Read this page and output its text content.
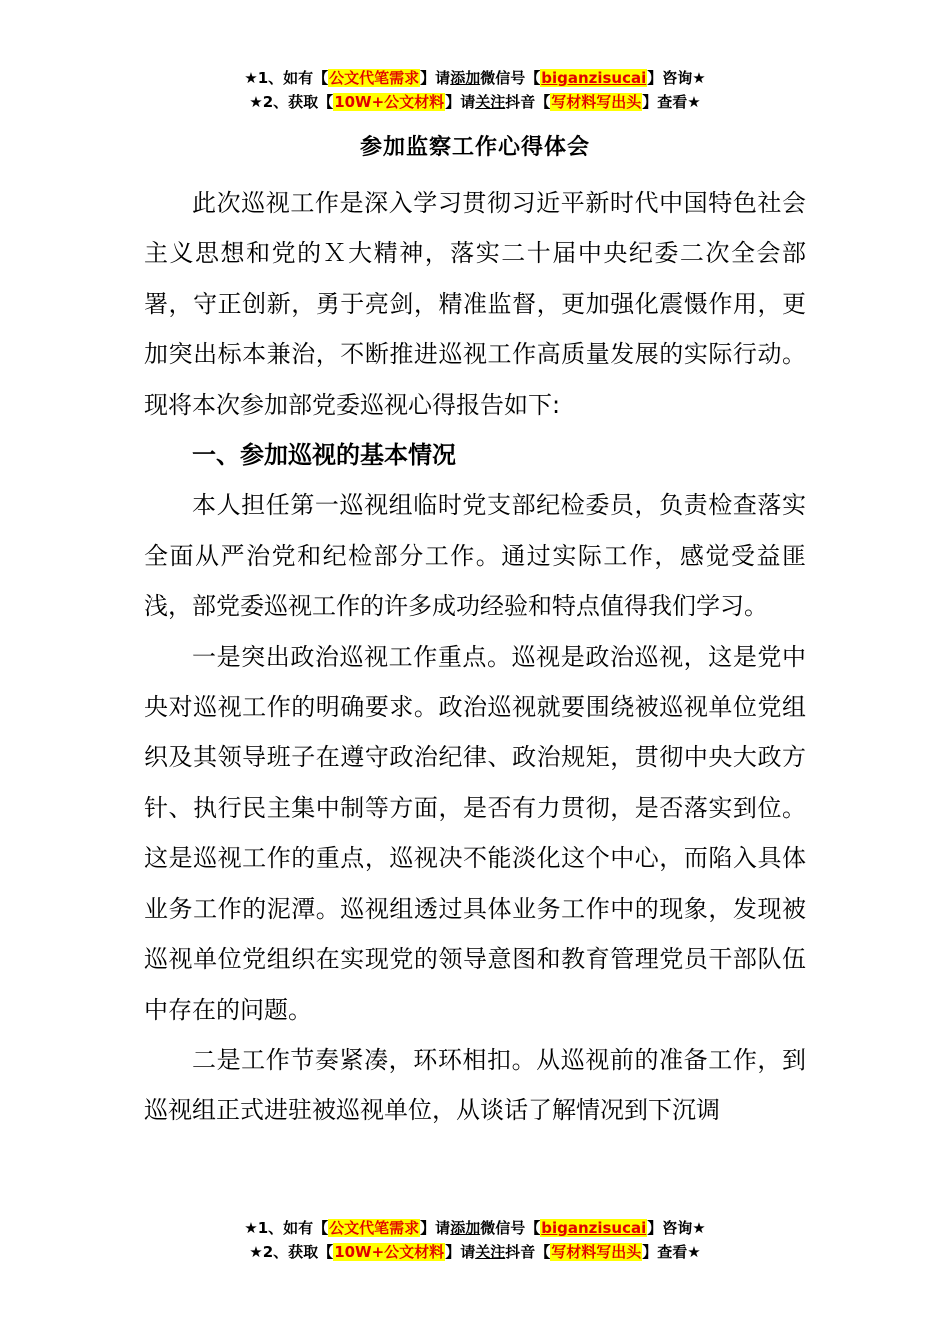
★1、如有【公文代笔需求】请添加微信号【biganzisucai】咨询★
★2、获取【10W+公文材料】请关注抖音【写材料写出头】查看★
参加监察工作心得体会

此次巡视工作是深入学习贯彻习近平新时代中国特色社会主义思想和党的Ｘ大精神，落实二十届中央纪委二次全会部署，守正创新，勇于亮剑，精准监督，更加强化震慑作用，更加突出标本兼治，不断推进巡视工作高质量发展的实际行动。现将本次参加部党委巡视心得报告如下:

一、参加巡视的基本情况

本人担任第一巡视组临时党支部纪检委员，负责检查落实全面从严治党和纪检部分工作。通过实际工作，感觉受益匪浅，部党委巡视工作的许多成功经验和特点值得我们学习。

一是突出政治巡视工作重点。巡视是政治巡视，这是党中央对巡视工作的明确要求。政治巡视就要围绕被巡视单位党组织及其领导班子在遵守政治纪律、政治规矩，贯彻中央大政方针、执行民主集中制等方面，是否有力贯彻，是否落实到位。这是巡视工作的重点，巡视决不能淡化这个中心，而陷入具体业务工作的泥潭。巡视组透过具体业务工作中的现象，发现被巡视单位党组织在实现党的领导意图和教育管理党员干部队伍中存在的问题。

二是工作节奏紧凑，环环相扣。从巡视前的准备工作，到巡视组正式进驻被巡视单位，从谈话了解情况到下沉调

★1、如有【公文代笔需求】请添加微信号【biganzisucai】咨询★
★2、获取【10W+公文材料】请关注抖音【写材料写出头】查看★
